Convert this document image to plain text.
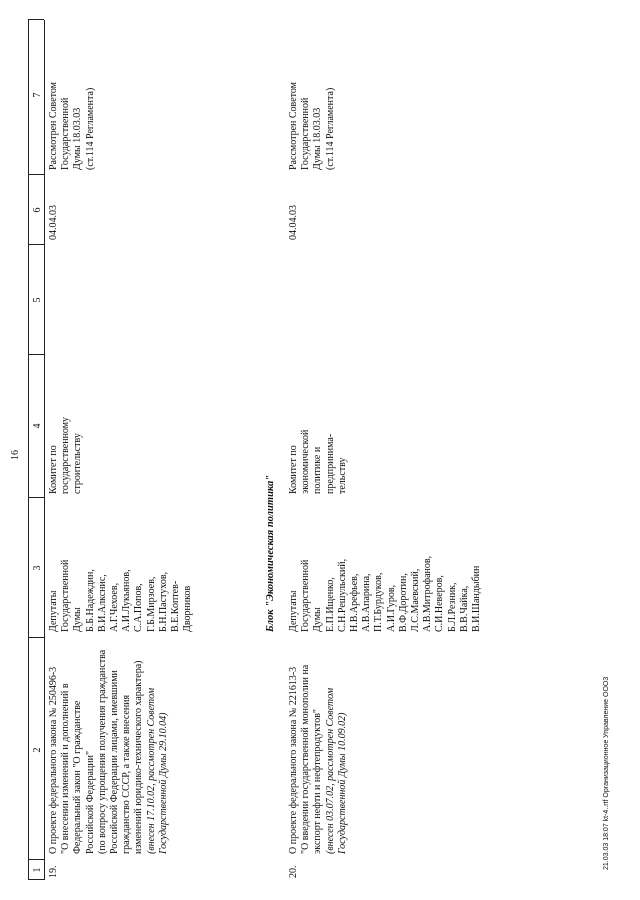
16
1
2
3
4
5
6
7
19.
О проекте федерального закона № 250496-3 "О внесении изменений и дополнений в Федеральный закон "О гражданстве Российской Федерации" (по вопросу упрощения получения гражданства Российской Федерации лицами, имевшими гражданство СССР, а также внесения изменений юридико-технического характера) (внесен 17.10.02, рассмотрен Советом Государственной Думы 29.10.04)
Депутаты Государственной Думы Б.Б.Надеждин, В.И.Алкснис, А.Г.Чехоев, А.И.Лукьянов, С.А.Попов, Г.Б.Мирзоев, Б.Н.Пастухов, В.Е.Коптев- Дворников
Комитет по государственному строительству
04.04.03
Рассмотрен Советом Государственной Думы 18.03.03 (ст.114 Регламента)
Блок "Экономическая политика"
20.
О проекте федерального закона № 221613-3 "О введении государственной монополии на экспорт нефти и нефтепродуктов" (внесен 03.07.02, рассмотрен Советом Государственной Думы 10.09.02)
Депутаты Государственной Думы Е.П.Ищенко, С.Н.Решульский, Н.В.Арефьев, А.В.Апарина, П.Т.Бурдуков, А.И.Гуров, В.Ф.Доротин, Л.С.Маевский, А.В.Митрофанов, С.И.Неверов, Б.Л.Резник, В.В.Чайка, В.И.Шандыбин
Комитет по экономической политике и предпринима- тельству
04.04.03
Рассмотрен Советом Государственной Думы 18.03.03 (ст.114 Регламента)
21.03.03 18:07 kt-4..rtf Организационное Управление ООО3
